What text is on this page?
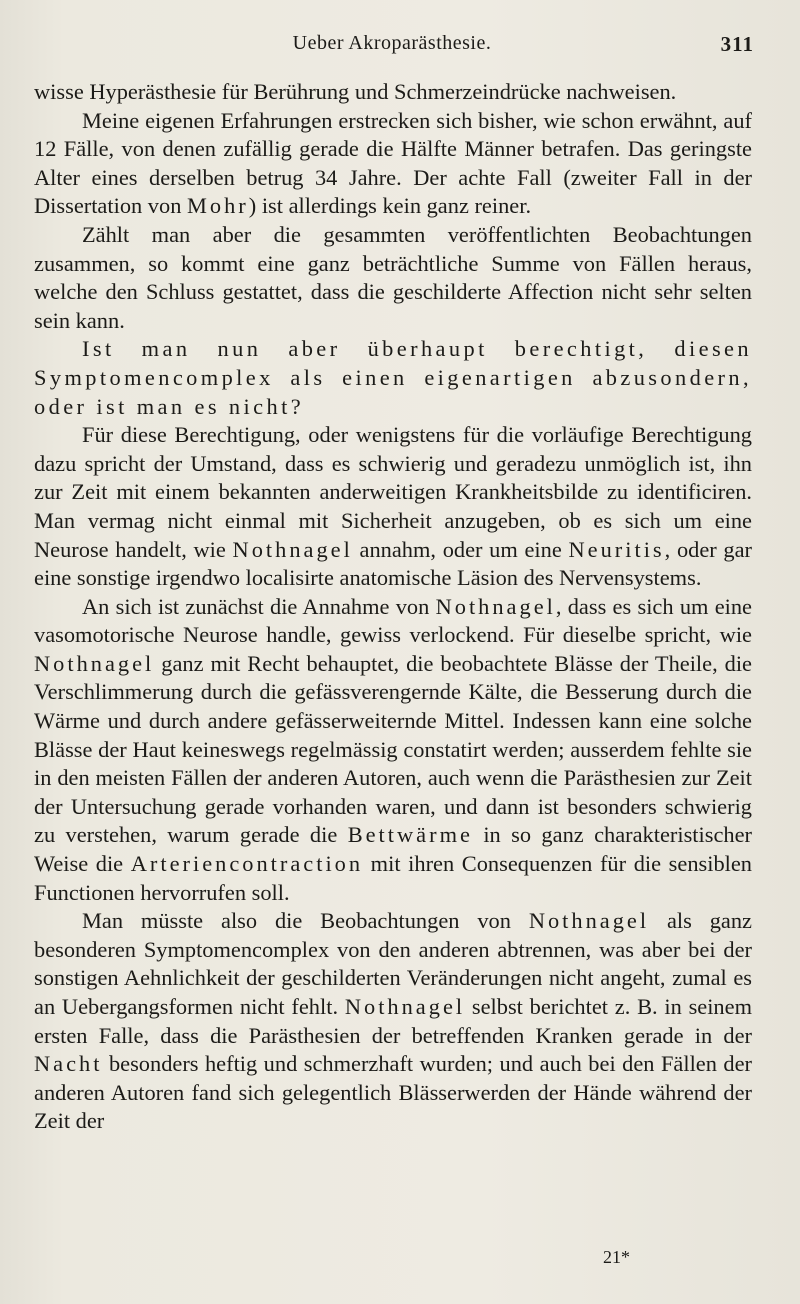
Ueber Akroparästhesie.	311

wisse Hyperästhesie für Berührung und Schmerzeindrücke nachweisen.

Meine eigenen Erfahrungen erstrecken sich bisher, wie schon erwähnt, auf 12 Fälle, von denen zufällig gerade die Hälfte Männer betrafen. Das geringste Alter eines derselben betrug 34 Jahre. Der achte Fall (zweiter Fall in der Dissertation von Mohr) ist allerdings kein ganz reiner.

Zählt man aber die gesammten veröffentlichten Beobachtungen zusammen, so kommt eine ganz beträchtliche Summe von Fällen heraus, welche den Schluss gestattet, dass die geschilderte Affection nicht sehr selten sein kann.

Ist man nun aber überhaupt berechtigt, diesen Symptomencomplex als einen eigenartigen abzusondern, oder ist man es nicht?

Für diese Berechtigung, oder wenigstens für die vorläufige Berechtigung dazu spricht der Umstand, dass es schwierig und geradezu unmöglich ist, ihn zur Zeit mit einem bekannten anderweitigen Krankheitsbilde zu identificiren. Man vermag nicht einmal mit Sicherheit anzugeben, ob es sich um eine Neurose handelt, wie Nothnagel annahm, oder um eine Neuritis, oder gar eine sonstige irgendwo localisirte anatomische Läsion des Nervensystems.

An sich ist zunächst die Annahme von Nothnagel, dass es sich um eine vasomotorische Neurose handle, gewiss verlockend. Für dieselbe spricht, wie Nothnagel ganz mit Recht behauptet, die beobachtete Blässe der Theile, die Verschlimmerung durch die gefässverengernde Kälte, die Besserung durch die Wärme und durch andere gefässerweiternde Mittel. Indessen kann eine solche Blässe der Haut keineswegs regelmässig constatirt werden; ausserdem fehlte sie in den meisten Fällen der anderen Autoren, auch wenn die Parästhesien zur Zeit der Untersuchung gerade vorhanden waren, und dann ist besonders schwierig zu verstehen, warum gerade die Bettwärme in so ganz charakteristischer Weise die Arteriencontraction mit ihren Consequenzen für die sensiblen Functionen hervorrufen soll.

Man müsste also die Beobachtungen von Nothnagel als ganz besonderen Symptomencomplex von den anderen abtrennen, was aber bei der sonstigen Aehnlichkeit der geschilderten Veränderungen nicht angeht, zumal es an Uebergangsformen nicht fehlt. Nothnagel selbst berichtet z. B. in seinem ersten Falle, dass die Parästhesien der betreffenden Kranken gerade in der Nacht besonders heftig und schmerzhaft wurden; und auch bei den Fällen der anderen Autoren fand sich gelegentlich Blässerwerden der Hände während der Zeit der

21*
